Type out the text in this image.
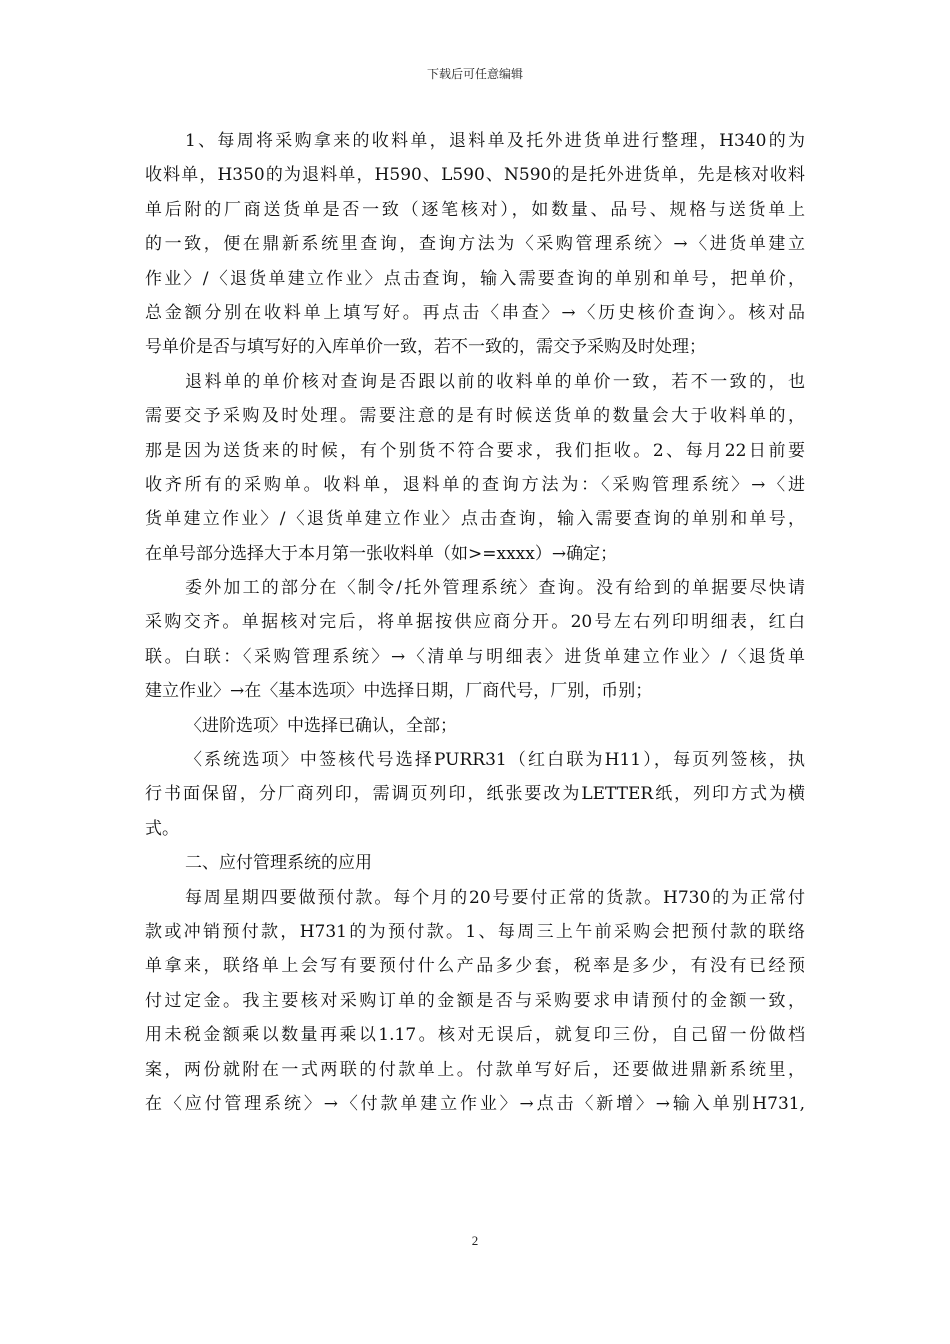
下载后可任意编辑
1、每周将采购拿来的收料单，退料单及托外进货单进行整理，H340的为
收料单，H350的为退料单，H590、L590、N590的是托外进货单，先是核对收料
单后附的厂商送货单是否一致（逐笔核对），如数量、品号、规格与送货单上
的一致，便在鼎新系统里查询，查询方法为〈采购管理系统〉→〈进货单建立
作业〉/〈退货单建立作业〉点击查询，输入需要查询的单别和单号，把单价，
总金额分别在收料单上填写好。再点击〈串查〉→〈历史核价查询〉。核对品
号单价是否与填写好的入库单价一致，若不一致的，需交予采购及时处理；
退料单的单价核对查询是否跟以前的收料单的单价一致，若不一致的，也
需要交予采购及时处理。需要注意的是有时候送货单的数量会大于收料单的，
那是因为送货来的时候，有个别货不符合要求，我们拒收。2、每月22日前要
收齐所有的采购单。收料单，退料单的查询方法为：〈采购管理系统〉→〈进
货单建立作业〉/〈退货单建立作业〉点击查询，输入需要查询的单别和单号，
在单号部分选择大于本月第一张收料单（如>=xxxx）→确定；
委外加工的部分在〈制令/托外管理系统〉查询。没有给到的单据要尽快请
采购交齐。单据核对完后，将单据按供应商分开。20号左右列印明细表，红白
联。白联：〈采购管理系统〉→〈清单与明细表〉进货单建立作业〉/〈退货单
建立作业〉→在〈基本选项〉中选择日期，厂商代号，厂别，币别；
〈进阶选项〉中选择已确认，全部；
〈系统选项〉中签核代号选择PURR31（红白联为H11），每页列签核，执
行书面保留，分厂商列印，需调页列印，纸张要改为LETTER纸，列印方式为横
式。
二、应付管理系统的应用
每周星期四要做预付款。每个月的20号要付正常的货款。H730的为正常付
款或冲销预付款，H731的为预付款。1、每周三上午前采购会把预付款的联络
单拿来，联络单上会写有要预付什么产品多少套，税率是多少，有没有已经预
付过定金。我主要核对采购订单的金额是否与采购要求申请预付的金额一致，
用未税金额乘以数量再乘以1.17。核对无误后，就复印三份，自己留一份做档
案，两份就附在一式两联的付款单上。付款单写好后，还要做进鼎新系统里，
在〈应付管理系统〉→〈付款单建立作业〉→点击〈新增〉→输入单别H731,
2
